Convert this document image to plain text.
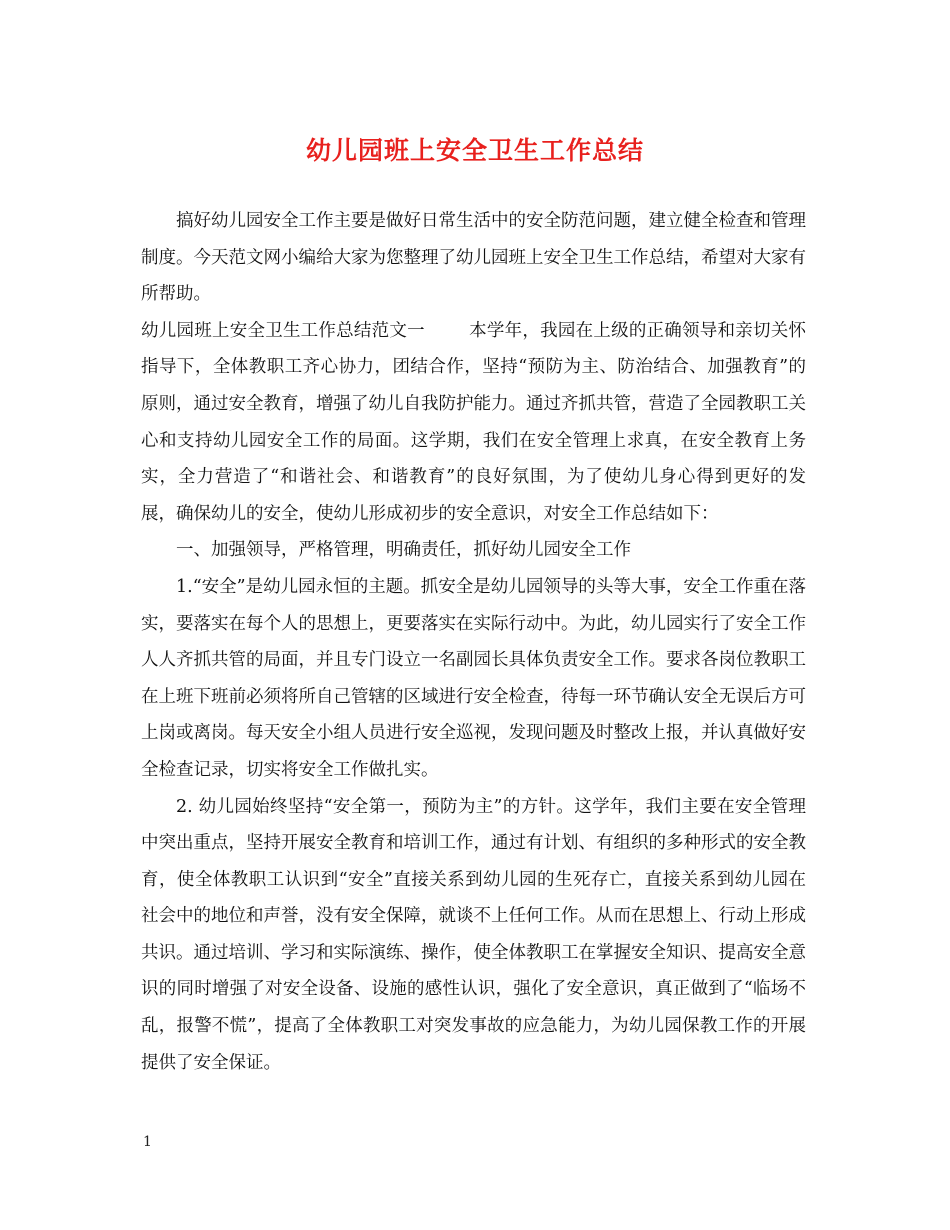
幼儿园班上安全卫生工作总结

搞好幼儿园安全工作主要是做好日常生活中的安全防范问题，建立健全检查和管理制度。今天范文网小编给大家为您整理了幼儿园班上安全卫生工作总结，希望对大家有所帮助。

幼儿园班上安全卫生工作总结范文一	本学年，我园在上级的正确领导和亲切关怀指导下，全体教职工齐心协力，团结合作，坚持“预防为主、防治结合、加强教育”的原则，通过安全教育，增强了幼儿自我防护能力。通过齐抓共管，营造了全园教职工关心和支持幼儿园安全工作的局面。这学期，我们在安全管理上求真，在安全教育上务实，全力营造了“和谐社会、和谐教育”的良好氛围，为了使幼儿身心得到更好的发展，确保幼儿的安全，使幼儿形成初步的安全意识，对安全工作总结如下：

一、加强领导，严格管理，明确责任，抓好幼儿园安全工作

1.“安全”是幼儿园永恒的主题。抓安全是幼儿园领导的头等大事，安全工作重在落实，要落实在每个人的思想上，更要落实在实际行动中。为此，幼儿园实行了安全工作人人齐抓共管的局面，并且专门设立一名副园长具体负责安全工作。要求各岗位教职工在上班下班前必须将所自己管辖的区域进行安全检查，待每一环节确认安全无误后方可上岗或离岗。每天安全小组人员进行安全巡视，发现问题及时整改上报，并认真做好安全检查记录，切实将安全工作做扎实。

2. 幼儿园始终坚持“安全第一，预防为主”的方针。这学年，我们主要在安全管理中突出重点，坚持开展安全教育和培训工作，通过有计划、有组织的多种形式的安全教育，使全体教职工认识到“安全”直接关系到幼儿园的生死存亡，直接关系到幼儿园在社会中的地位和声誉，没有安全保障，就谈不上任何工作。从而在思想上、行动上形成共识。通过培训、学习和实际演练、操作，使全体教职工在掌握安全知识、提高安全意识的同时增强了对安全设备、设施的感性认识，强化了安全意识，真正做到了“临场不乱，报警不慌”，提高了全体教职工对突发事故的应急能力，为幼儿园保教工作的开展提供了安全保证。

1
